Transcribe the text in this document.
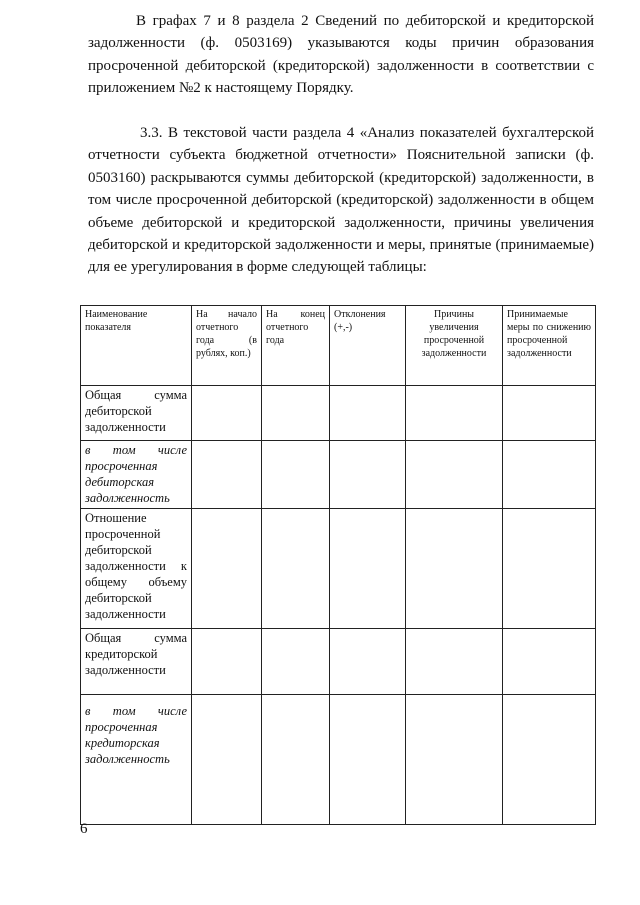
В графах 7 и 8 раздела 2 Сведений по дебиторской и кредиторской задолженности (ф. 0503169) указываются коды причин образования просроченной дебиторской (кредиторской) задолженности в соответствии с приложением №2 к настоящему Порядку.

3.3. В текстовой части раздела 4 «Анализ показателей бухгалтерской отчетности субъекта бюджетной отчетности» Пояснительной записки (ф. 0503160) раскрываются суммы дебиторской (кредиторской) задолженности, в том числе просроченной дебиторской (кредиторской) задолженности в общем объеме дебиторской и кредиторской задолженности, причины увеличения дебиторской и кредиторской задолженности и меры, принятые (принимаемые) для ее урегулирования в форме следующей таблицы:

Наименование показателя	На начало отчетного года (в рублях, коп.)	На конец отчетного года	Отклонения (+,-)	Причины увеличения просроченной задолженности	Принимаемые меры по снижению просроченной задолженности
Общая сумма дебиторской задолженности					
в том числе просроченная дебиторская задолженность					
Отношение просроченной дебиторской задолженности к общему объему дебиторской задолженности					
Общая сумма кредиторской задолженности					
в том числе просроченная кредиторская задолженность					
6
